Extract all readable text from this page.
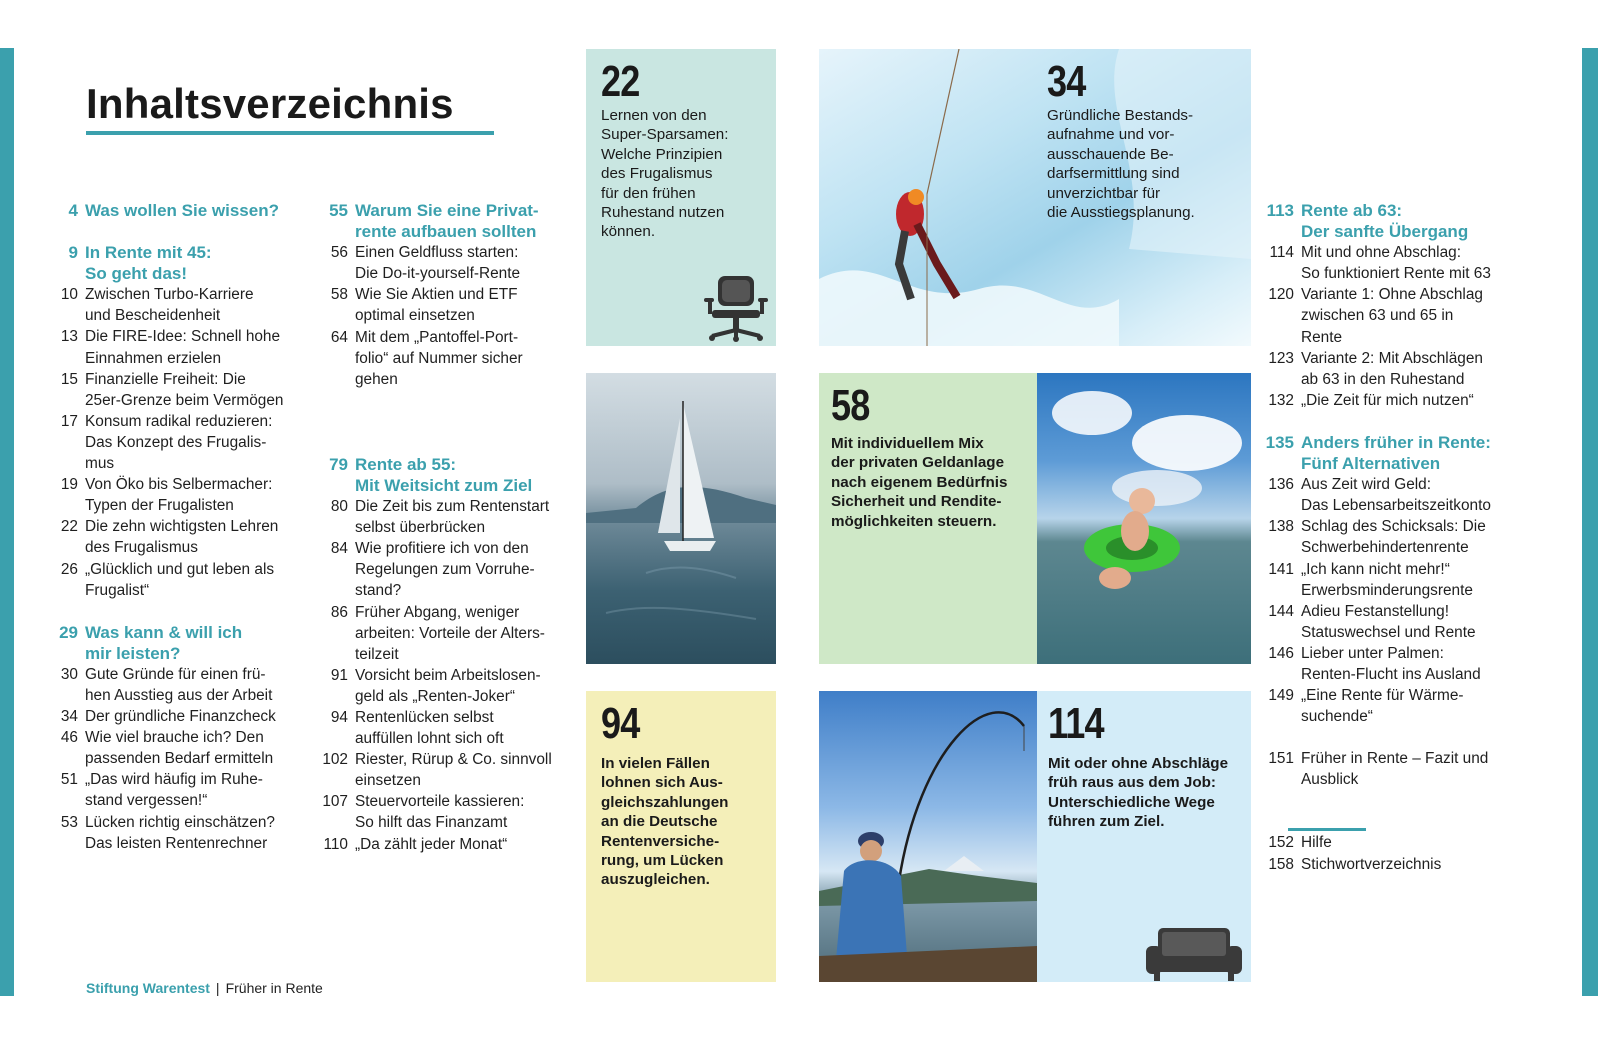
Inhaltsverzeichnis
4 Was wollen Sie wissen?
9 In Rente mit 45:
So geht das!
10 Zwischen Turbo-Karriere
und Bescheidenheit
13 Die FIRE-Idee: Schnell hohe
Einnahmen erzielen
15 Finanzielle Freiheit: Die
25er-Grenze beim Vermögen
17 Konsum radikal reduzieren:
Das Konzept des Frugalis-
mus
19 Von Öko bis Selbermacher:
Typen der Frugalisten
22 Die zehn wichtigsten Lehren
des Frugalismus
26 „Glücklich und gut leben als
Frugalist“
29 Was kann & will ich
mir leisten?
30 Gute Gründe für einen frü-
hen Ausstieg aus der Arbeit
34 Der gründliche Finanzcheck
46 Wie viel brauche ich? Den
passenden Bedarf ermitteln
51 „Das wird häufig im Ruhe-
stand vergessen!“
53 Lücken richtig einschätzen?
Das leisten Rentenrechner
55 Warum Sie eine Privat-
rente aufbauen sollten
56 Einen Geldfluss starten:
Die Do-it-yourself-Rente
58 Wie Sie Aktien und ETF
optimal einsetzen
64 Mit dem „Pantoffel-Port-
folio“ auf Nummer sicher
gehen
79 Rente ab 55:
Mit Weitsicht zum Ziel
80 Die Zeit bis zum Rentenstart
selbst überbrücken
84 Wie profitiere ich von den
Regelungen zum Vorruhe-
stand?
86 Früher Abgang, weniger
arbeiten: Vorteile der Alters-
teilzeit
91 Vorsicht beim Arbeitslosen-
geld als „Renten-Joker“
94 Rentenlücken selbst
auffüllen lohnt sich oft
102 Riester, Rürup & Co. sinnvoll
einsetzen
107 Steuervorteile kassieren:
So hilft das Finanzamt
110 „Da zählt jeder Monat“
113 Rente ab 63:
Der sanfte Übergang
114 Mit und ohne Abschlag:
So funktioniert Rente mit 63
120 Variante 1: Ohne Abschlag
zwischen 63 und 65 in
Rente
123 Variante 2: Mit Abschlägen
ab 63 in den Ruhestand
132 „Die Zeit für mich nutzen“
135 Anders früher in Rente:
Fünf Alternativen
136 Aus Zeit wird Geld:
Das Lebensarbeitszeitkonto
138 Schlag des Schicksals: Die
Schwerbehindertenrente
141 „Ich kann nicht mehr!“
Erwerbsminderungsrente
144 Adieu Festanstellung!
Statuswechsel und Rente
146 Lieber unter Palmen:
Renten-Flucht ins Ausland
149 „Eine Rente für Wärme-
suchende“
151 Früher in Rente – Fazit und
Ausblick
152 Hilfe
158 Stichwortverzeichnis
22
Lernen von den
Super-Sparsamen:
Welche Prinzipien
des Frugalismus
für den frühen
Ruhestand nutzen
können.
34
Gründliche Bestands-
aufnahme und vor-
ausschauende Be-
darfsermittlung sind
unverzichtbar für
die Ausstiegsplanung.
58
Mit individuellem Mix
der privaten Geldanlage
nach eigenem Bedürfnis
Sicherheit und Rendite-
möglichkeiten steuern.
94
In vielen Fällen
lohnen sich Aus-
gleichszahlungen
an die Deutsche
Rentenversiche-
rung, um Lücken
auszugleichen.
114
Mit oder ohne Abschläge
früh raus aus dem Job:
Unterschiedliche Wege
führen zum Ziel.
Stiftung Warentest | Früher in Rente
